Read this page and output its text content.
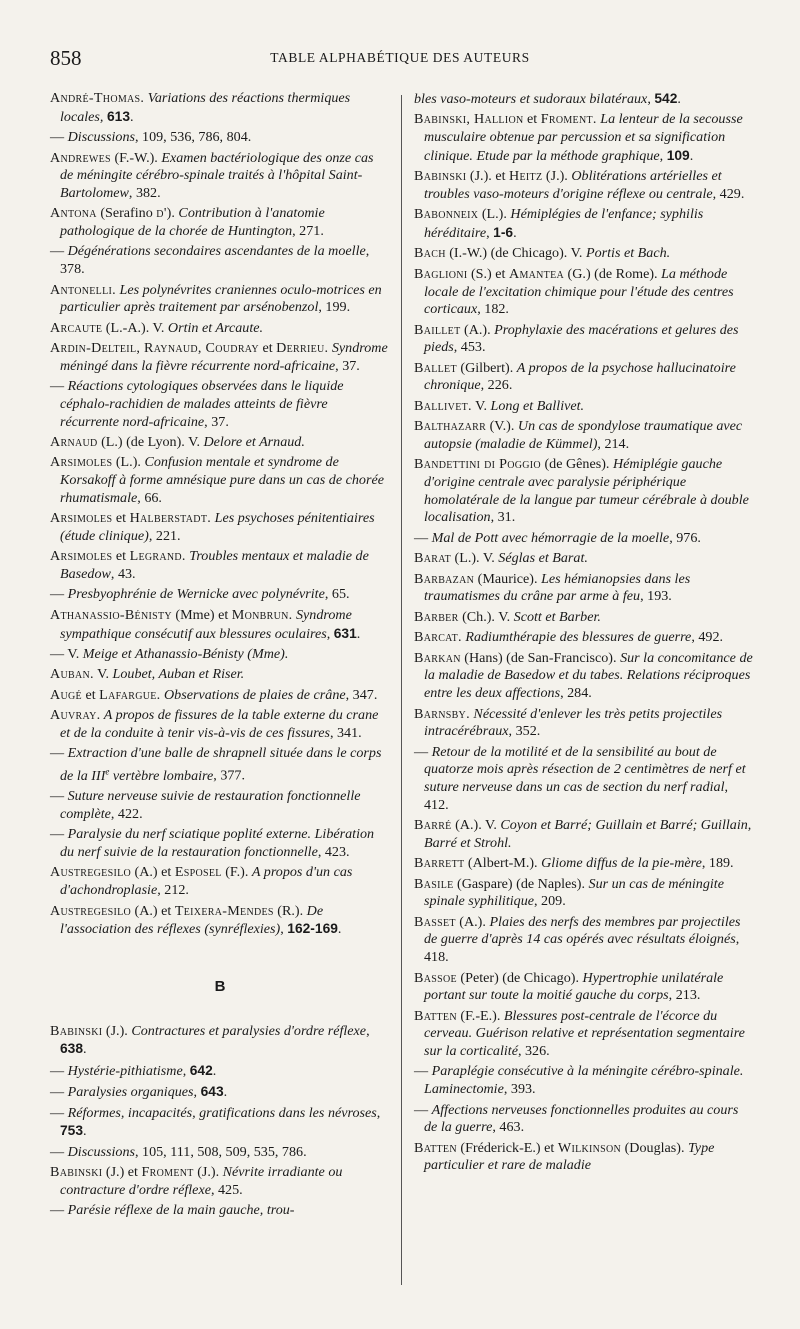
858	TABLE ALPHABÉTIQUE DES AUTEURS

André-Thomas. Variations des réactions thermiques locales, 613.

— Discussions, 109, 536, 786, 804.

Andrewes (F.-W.). Examen bactériologique des onze cas de méningite cérébro-spinale traités à l'hôpital Saint-Bartolomew, 382.

Antona (Serafino d'). Contribution à l'anatomie pathologique de la chorée de Huntington, 271.

— Dégénérations secondaires ascendantes de la moelle, 378.

Antonelli. Les polynévrites craniennes oculo-motrices en particulier après traitement par arsénobenzol, 199.

Arcaute (L.-A.). V. Ortin et Arcaute.

Ardin-Delteil, Raynaud, Coudray et Derrieu. Syndrome méningé dans la fièvre récurrente nord-africaine, 37.

— Réactions cytologiques observées dans le liquide céphalo-rachidien de malades atteints de fièvre récurrente nord-africaine, 37.

Arnaud (L.) (de Lyon). V. Delore et Arnaud.

Arsimoles (L.). Confusion mentale et syndrome de Korsakoff à forme amnésique pure dans un cas de chorée rhumatismale, 66.

Arsimoles et Halberstadt. Les psychoses pénitentiaires (étude clinique), 221.

Arsimoles et Legrand. Troubles mentaux et maladie de Basedow, 43.

— Presbyophrénie de Wernicke avec polynévrite, 65.

Athanassio-Bénisty (Mme) et Monbrun. Syndrome sympathique consécutif aux blessures oculaires, 631.

— V. Meige et Athanassio-Bénisty (Mme).

Auban. V. Loubet, Auban et Riser.

Augé et Lafargue. Observations de plaies de crâne, 347.

Auvray. A propos de fissures de la table externe du crane et de la conduite à tenir vis-à-vis de ces fissures, 341.

— Extraction d'une balle de shrapnell située dans le corps de la IIIe vertèbre lombaire, 377.

— Suture nerveuse suivie de restauration fonctionnelle complète, 422.

— Paralysie du nerf sciatique poplité externe. Libération du nerf suivie de la restauration fonctionnelle, 423.

Austregesilo (A.) et Esposel (F.). A propos d'un cas d'achondroplasie, 212.

Austregesilo (A.) et Teixera-Mendes (R.). De l'association des réflexes (synréflexies), 162-169.

B

Babinski (J.). Contractures et paralysies d'ordre réflexe, 638.

— Hystérie-pithiatisme, 642.

— Paralysies organiques, 643.

— Réformes, incapacités, gratifications dans les névroses, 753.

— Discussions, 105, 111, 508, 509, 535, 786.

Babinski (J.) et Froment (J.). Névrite irradiante ou contracture d'ordre réflexe, 425.

— Parésie réflexe de la main gauche, trou-

bles vaso-moteurs et sudoraux bilatéraux, 542.

Babinski, Hallion et Froment. La lenteur de la secousse musculaire obtenue par percussion et sa signification clinique. Etude par la méthode graphique, 109.

Babinski (J.). et Heitz (J.). Oblitérations artérielles et troubles vaso-moteurs d'origine réflexe ou centrale, 429.

Babonneix (L.). Hémiplégies de l'enfance; syphilis héréditaire, 1-6.

Bach (I.-W.) (de Chicago). V. Portis et Bach.

Baglioni (S.) et Amantea (G.) (de Rome). La méthode locale de l'excitation chimique pour l'étude des centres corticaux, 182.

Baillet (A.). Prophylaxie des macérations et gelures des pieds, 453.

Ballet (Gilbert). A propos de la psychose hallucinatoire chronique, 226.

Ballivet. V. Long et Ballivet.

Balthazarr (V.). Un cas de spondylose traumatique avec autopsie (maladie de Kümmel), 214.

Bandettini di Poggio (de Gênes). Hémiplégie gauche d'origine centrale avec paralysie périphérique homolatérale de la langue par tumeur cérébrale à double localisation, 31.

— Mal de Pott avec hémorragie de la moelle, 976.

Barat (L.). V. Séglas et Barat.

Barbazan (Maurice). Les hémianopsies dans les traumatismes du crâne par arme à feu, 193.

Barber (Ch.). V. Scott et Barber.

Barcat. Radiumthérapie des blessures de guerre, 492.

Barkan (Hans) (de San-Francisco). Sur la concomitance de la maladie de Basedow et du tabes. Relations réciproques entre les deux affections, 284.

Barnsby. Nécessité d'enlever les très petits projectiles intracérébraux, 352.

— Retour de la motilité et de la sensibilité au bout de quatorze mois après résection de 2 centimètres de nerf et suture nerveuse dans un cas de section du nerf radial, 412.

Barré (A.). V. Coyon et Barré; Guillain et Barré; Guillain, Barré et Strohl.

Barrett (Albert-M.). Gliome diffus de la pie-mère, 189.

Basile (Gaspare) (de Naples). Sur un cas de méningite spinale syphilitique, 209.

Basset (A.). Plaies des nerfs des membres par projectiles de guerre d'après 14 cas opérés avec résultats éloignés, 418.

Bassoe (Peter) (de Chicago). Hypertrophie unilatérale portant sur toute la moitié gauche du corps, 213.

Batten (F.-E.). Blessures post-centrale de l'écorce du cerveau. Guérison relative et représentation segmentaire sur la corticalité, 326.

— Paraplégie consécutive à la méningite cérébro-spinale. Laminectomie, 393.

— Affections nerveuses fonctionnelles produites au cours de la guerre, 463.

Batten (Fréderick-E.) et Wilkinson (Douglas). Type particulier et rare de maladie
